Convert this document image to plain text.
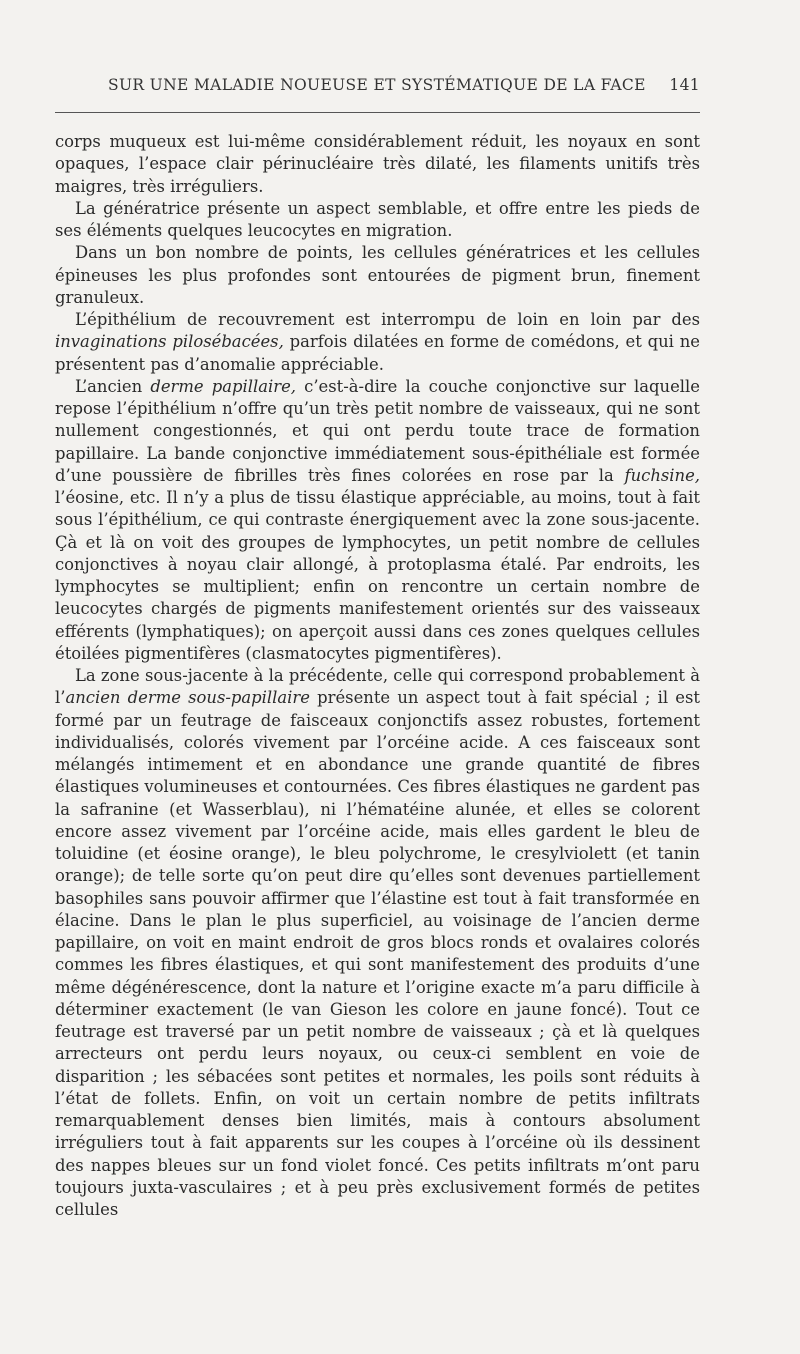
SUR UNE MALADIE NOUEUSE ET SYSTÉMATIQUE DE LA FACE 141

corps muqueux est lui-même considérablement réduit, les noyaux en sont opaques, l’espace clair périnucléaire très dilaté, les filaments unitifs très maigres, très irréguliers.

La génératrice présente un aspect semblable, et offre entre les pieds de ses éléments quelques leucocytes en migration.

Dans un bon nombre de points, les cellules génératrices et les cellules épineuses les plus profondes sont entourées de pigment brun, finement granuleux.

L’épithélium de recouvrement est interrompu de loin en loin par des invaginations pilosébacées, parfois dilatées en forme de comédons, et qui ne présentent pas d’anomalie appréciable.

L’ancien derme papillaire, c’est-à-dire la couche conjonctive sur laquelle repose l’épithélium n’offre qu’un très petit nombre de vaisseaux, qui ne sont nullement congestionnés, et qui ont perdu toute trace de formation papillaire. La bande conjonctive immédiatement sous-épithéliale est formée d’une poussière de fibrilles très fines colorées en rose par la fuchsine, l’éosine, etc. Il n’y a plus de tissu élastique appréciable, au moins, tout à fait sous l’épithélium, ce qui contraste énergiquement avec la zone sous-jacente. Çà et là on voit des groupes de lymphocytes, un petit nombre de cellules conjonctives à noyau clair allongé, à protoplasma étalé. Par endroits, les lymphocytes se multiplient; enfin on rencontre un certain nombre de leucocytes chargés de pigments manifestement orientés sur des vaisseaux efférents (lymphatiques); on aperçoit aussi dans ces zones quelques cellules étoilées pigmentifères (clasmatocytes pigmentifères).

La zone sous-jacente à la précédente, celle qui correspond probablement à l’ancien derme sous-papillaire présente un aspect tout à fait spécial ; il est formé par un feutrage de faisceaux conjonctifs assez robustes, fortement individualisés, colorés vivement par l’orcéine acide. A ces faisceaux sont mélangés intimement et en abondance une grande quantité de fibres élastiques volumineuses et contournées. Ces fibres élastiques ne gardent pas la safranine (et Wasserblau), ni l’hématéine alunée, et elles se colorent encore assez vivement par l’orcéine acide, mais elles gardent le bleu de toluidine (et éosine orange), le bleu polychrome, le cresylviolett (et tanin orange); de telle sorte qu’on peut dire qu’elles sont devenues partiellement basophiles sans pouvoir affirmer que l’élastine est tout à fait transformée en élacine. Dans le plan le plus superficiel, au voisinage de l’ancien derme papillaire, on voit en maint endroit de gros blocs ronds et ovalaires colorés commes les fibres élastiques, et qui sont manifestement des produits d’une même dégénérescence, dont la nature et l’origine exacte m’a paru difficile à déterminer exactement (le van Gieson les colore en jaune foncé). Tout ce feutrage est traversé par un petit nombre de vaisseaux ; çà et là quelques arrecteurs ont perdu leurs noyaux, ou ceux-ci semblent en voie de disparition ; les sébacées sont petites et normales, les poils sont réduits à l’état de follets. Enfin, on voit un certain nombre de petits infiltrats remarquablement denses bien limités, mais à contours absolument irréguliers tout à fait apparents sur les coupes à l’orcéine où ils dessinent des nappes bleues sur un fond violet foncé. Ces petits infiltrats m’ont paru toujours juxta-vasculaires ; et à peu près exclusivement formés de petites cellules
